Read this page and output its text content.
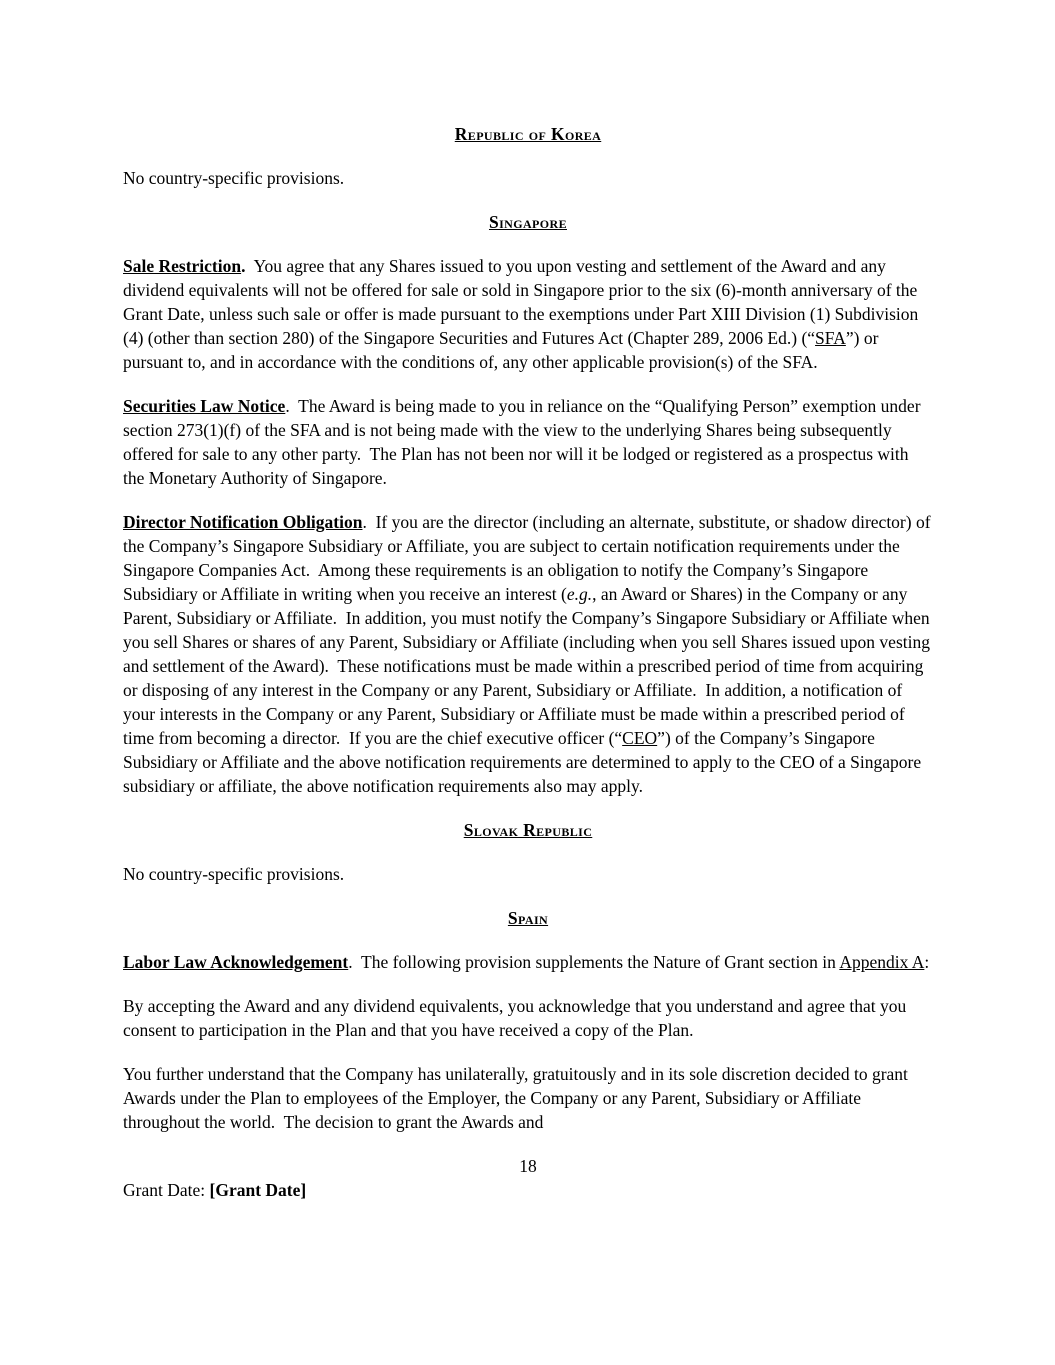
Republic of Korea

No country-specific provisions.

Singapore

Sale Restriction.  You agree that any Shares issued to you upon vesting and settlement of the Award and any dividend equivalents will not be offered for sale or sold in Singapore prior to the six (6)-month anniversary of the Grant Date, unless such sale or offer is made pursuant to the exemptions under Part XIII Division (1) Subdivision (4) (other than section 280) of the Singapore Securities and Futures Act (Chapter 289, 2006 Ed.) (“SFA”) or pursuant to, and in accordance with the conditions of, any other applicable provision(s) of the SFA.

Securities Law Notice.  The Award is being made to you in reliance on the “Qualifying Person” exemption under section 273(1)(f) of the SFA and is not being made with the view to the underlying Shares being subsequently offered for sale to any other party.  The Plan has not been nor will it be lodged or registered as a prospectus with the Monetary Authority of Singapore.

Director Notification Obligation.  If you are the director (including an alternate, substitute, or shadow director) of the Company’s Singapore Subsidiary or Affiliate, you are subject to certain notification requirements under the Singapore Companies Act.  Among these requirements is an obligation to notify the Company’s Singapore Subsidiary or Affiliate in writing when you receive an interest (e.g., an Award or Shares) in the Company or any Parent, Subsidiary or Affiliate.  In addition, you must notify the Company’s Singapore Subsidiary or Affiliate when you sell Shares or shares of any Parent, Subsidiary or Affiliate (including when you sell Shares issued upon vesting and settlement of the Award).  These notifications must be made within a prescribed period of time from acquiring or disposing of any interest in the Company or any Parent, Subsidiary or Affiliate.  In addition, a notification of your interests in the Company or any Parent, Subsidiary or Affiliate must be made within a prescribed period of time from becoming a director.  If you are the chief executive officer (“CEO”) of the Company’s Singapore Subsidiary or Affiliate and the above notification requirements are determined to apply to the CEO of a Singapore subsidiary or affiliate, the above notification requirements also may apply.

Slovak Republic

No country-specific provisions.

Spain

Labor Law Acknowledgement.  The following provision supplements the Nature of Grant section in Appendix A:

By accepting the Award and any dividend equivalents, you acknowledge that you understand and agree that you consent to participation in the Plan and that you have received a copy of the Plan.

You further understand that the Company has unilaterally, gratuitously and in its sole discretion decided to grant Awards under the Plan to employees of the Employer, the Company or any Parent, Subsidiary or Affiliate throughout the world.  The decision to grant the Awards and

18

Grant Date: [Grant Date]
